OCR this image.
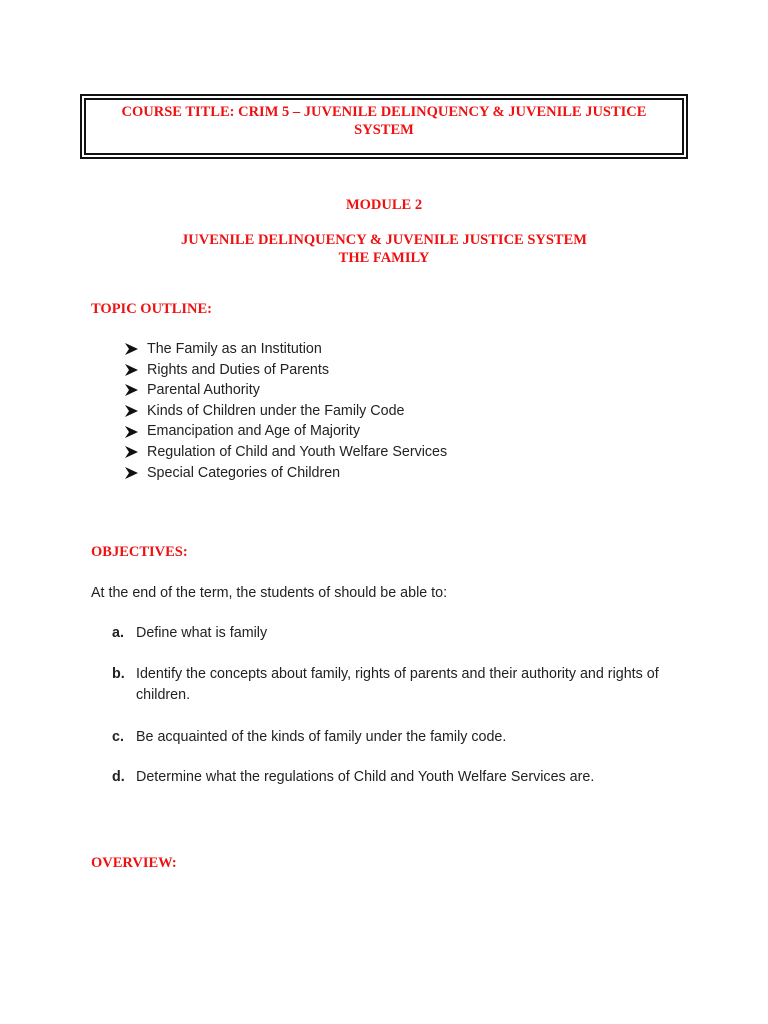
COURSE TITLE: CRIM 5 – JUVENILE DELINQUENCY & JUVENILE JUSTICE
SYSTEM
MODULE 2
JUVENILE DELINQUENCY & JUVENILE JUSTICE SYSTEM
THE FAMILY
TOPIC OUTLINE:
The Family as an Institution
Rights and Duties of Parents
Parental Authority
Kinds of Children under the Family Code
Emancipation and Age of Majority
Regulation of Child and Youth Welfare Services
Special Categories of Children
OBJECTIVES:
At the end of the term, the students of should be able to:
a. Define what is family
b. Identify the concepts about family, rights of parents and their authority and rights of children.
c. Be acquainted of the kinds of family under the family code.
d. Determine what the regulations of Child and Youth Welfare Services are.
OVERVIEW:
